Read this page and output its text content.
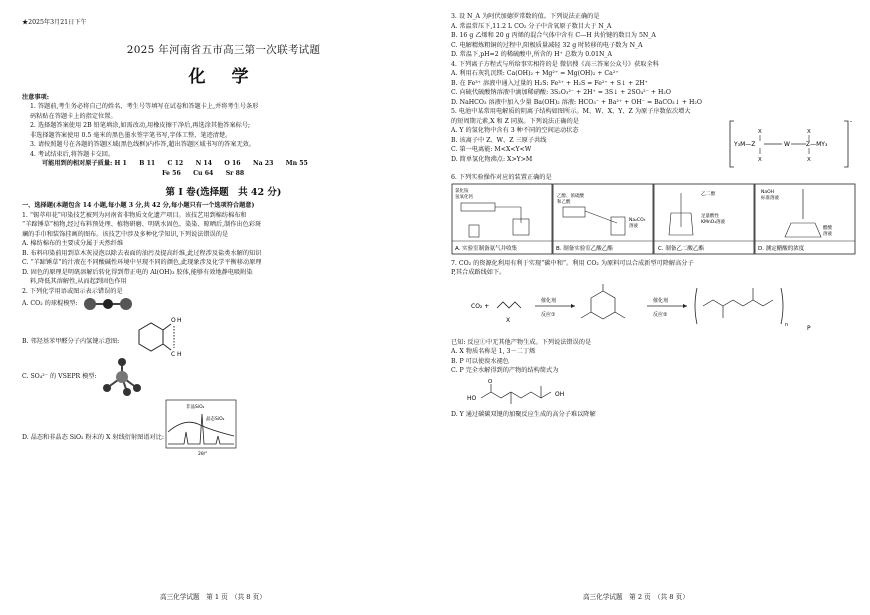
★2025年3月21日下午
2025 年河南省五市高三第一次联考试题
化 学
注意事项:
1. 答题前,考生务必将自己的姓名、考生号等填写在试卷和答题卡上,并将考生号条形
码粘贴在答题卡上的指定位置。
2. 选择题答案使用 2B 铅笔填涂,如需改动,用橡皮擦干净后,再选涂其他答案标号;
非选择题答案使用 0.5 毫米的黑色墨水签字笔书写,字体工整、笔迹清楚。
3. 请按照题号在各题的答题区域(黑色线框)内作答,超出答题区域书写的答案无效。
4. 考试结束后,将答题卡交回。
可能用到的相对原子质量: H 1　　B 11　　C 12　　N 14　　O 16　　Na 23　　Mn 55
Fe 56　　Cu 64　　Sr 88
第 I 卷(选择题　共 42 分)
一、选择题(本题包含 14 小题,每小题 3 分,共 42 分,每小题只有一个选项符合题意)
1. “锡萃印花”印染技艺被列为河南省非物质文化遗产项目。该技艺用到棉纺棉布和
“羊蹄锤草”植物,经过布料预处理、植物研磨、明矾水固色、染染、晾晒后,制作出色彩斑
斓的手巾和装饰挂画的图布。该技艺中涉及多种化学知识,下列说法错误的是
A. 棉纺棉布的主要成分属于天然纤维
B. 布料印染前用到草木灰浸泡以除去表面的油污及提高纤维,此过程涉及盐类水解的知识
C. “羊蹄锤草”的汁液在不同酸碱性环境中呈现不同的颜色,此现象涉及化学平衡移动原理
D. 固色的原理是明矾溶解后转化得到带正电的 Al(OH)₃ 胶体,能够有效地静电吸附染
料,降低其溶解性,从而起到固色作用
2. 下列化学用语或图示表示错误的是
A. CO₂ 的球棍模型:
B. 邻羟基苯甲醛分子内氢键示意图:
O
C
H
H
C. SO₄²⁻ 的 VSEPR 模型:
D. 晶态和非晶态 SiO₂ 粉末的 X 射线衍射图谱对比:
非晶SiO₂
晶态SiO₂
2θ/°
高三化学试题　第 1 页　（共 8 页）
3. 设 N_A 为阿伏加德罗常数的值。下列说法正确的是
A. 常温常压下,11.2 L CO₂ 分子中含氧原子数目大于 N_A
B. 16 g 乙烯和 20 g 丙烯的混合气体中含有 C—H 共价键的数目为 5N_A
C. 电解精炼粗铜的过程中,阳极质量减轻 32 g 时转移的电子数为 N_A
D. 常温下,pH=2 的稀硫酸中,所含的 H⁺ 总数为 0.01N_A
4. 下列离子方程式与所给事实相符的是 微信搜《高三答案公众号》获取全科
A. 利用石灰乳沉镁: Ca(OH)₂ + Mg²⁺ = Mg(OH)₂ + Ca²⁺
B. 在 Fe³⁺ 溶液中通入过量的 H₂S: Fe³⁺ + H₂S = Fe²⁺ + S↓ + 2H⁺
C. 向硫代硫酸钠溶液中滴加稀硝酸: 3S₂O₃²⁻ + 2H⁺ = 3S↓ + 2SO₄²⁻ + H₂O
D. NaHCO₃ 溶液中加入少量 Ba(OH)₂ 溶液: HCO₃⁻ + Ba²⁺ + OH⁻ = BaCO₃↓ + H₂O
5. 电池中某常用电解质的阴离子结构如图所示。M、W、X、Y、Z 为原子序数依次增大
的短周期元素,X 和 Z 同族。下列说法正确的是
A. Y 的氢化物中含有 3 种不同的空间运动状态
B. 该离子中 Z、W、Z 三原子共线
C. 第一电离能: M<X<Y<W
D. 简单氢化物沸点: X>Y>M
-
Y₃M—Z	W	Z—MY₃
X
X
X
X
6. 下列实验操作对应的装置正确的是
氯化铵
氢氧化钙
A. 实验室制备氨气并收集
乙醇、浓硫酸
和乙酸
Na₂CO₃
溶液
B. 制备实验室乙酸乙酯
乙二醇
足量酸性
KMnO₄溶液
C. 制备乙二酸乙酯
NaOH
标准溶液
醋酸
溶液
D. 测定醋酸的浓度
7. CO₂ 的资源化利用有利于实现“碳中和”。利用 CO₂ 为原料可以合成新型可降解高分子
P,其合成路线如下。
CO₂ +
X
催化剂
反应①
催化剂
反应②
n	P
已知: 反应①中无其他产物生成。下列说法错误的是
A. X 物质名称是 1, 3－二丁烯
B. P 可以使溴水褪色
C. P 完全水解得到的产物的结构简式为
HO
O
OH
D. Y 通过碳碳双键的加聚反应生成的高分子难以降解
高三化学试题　第 2 页　（共 8 页）
